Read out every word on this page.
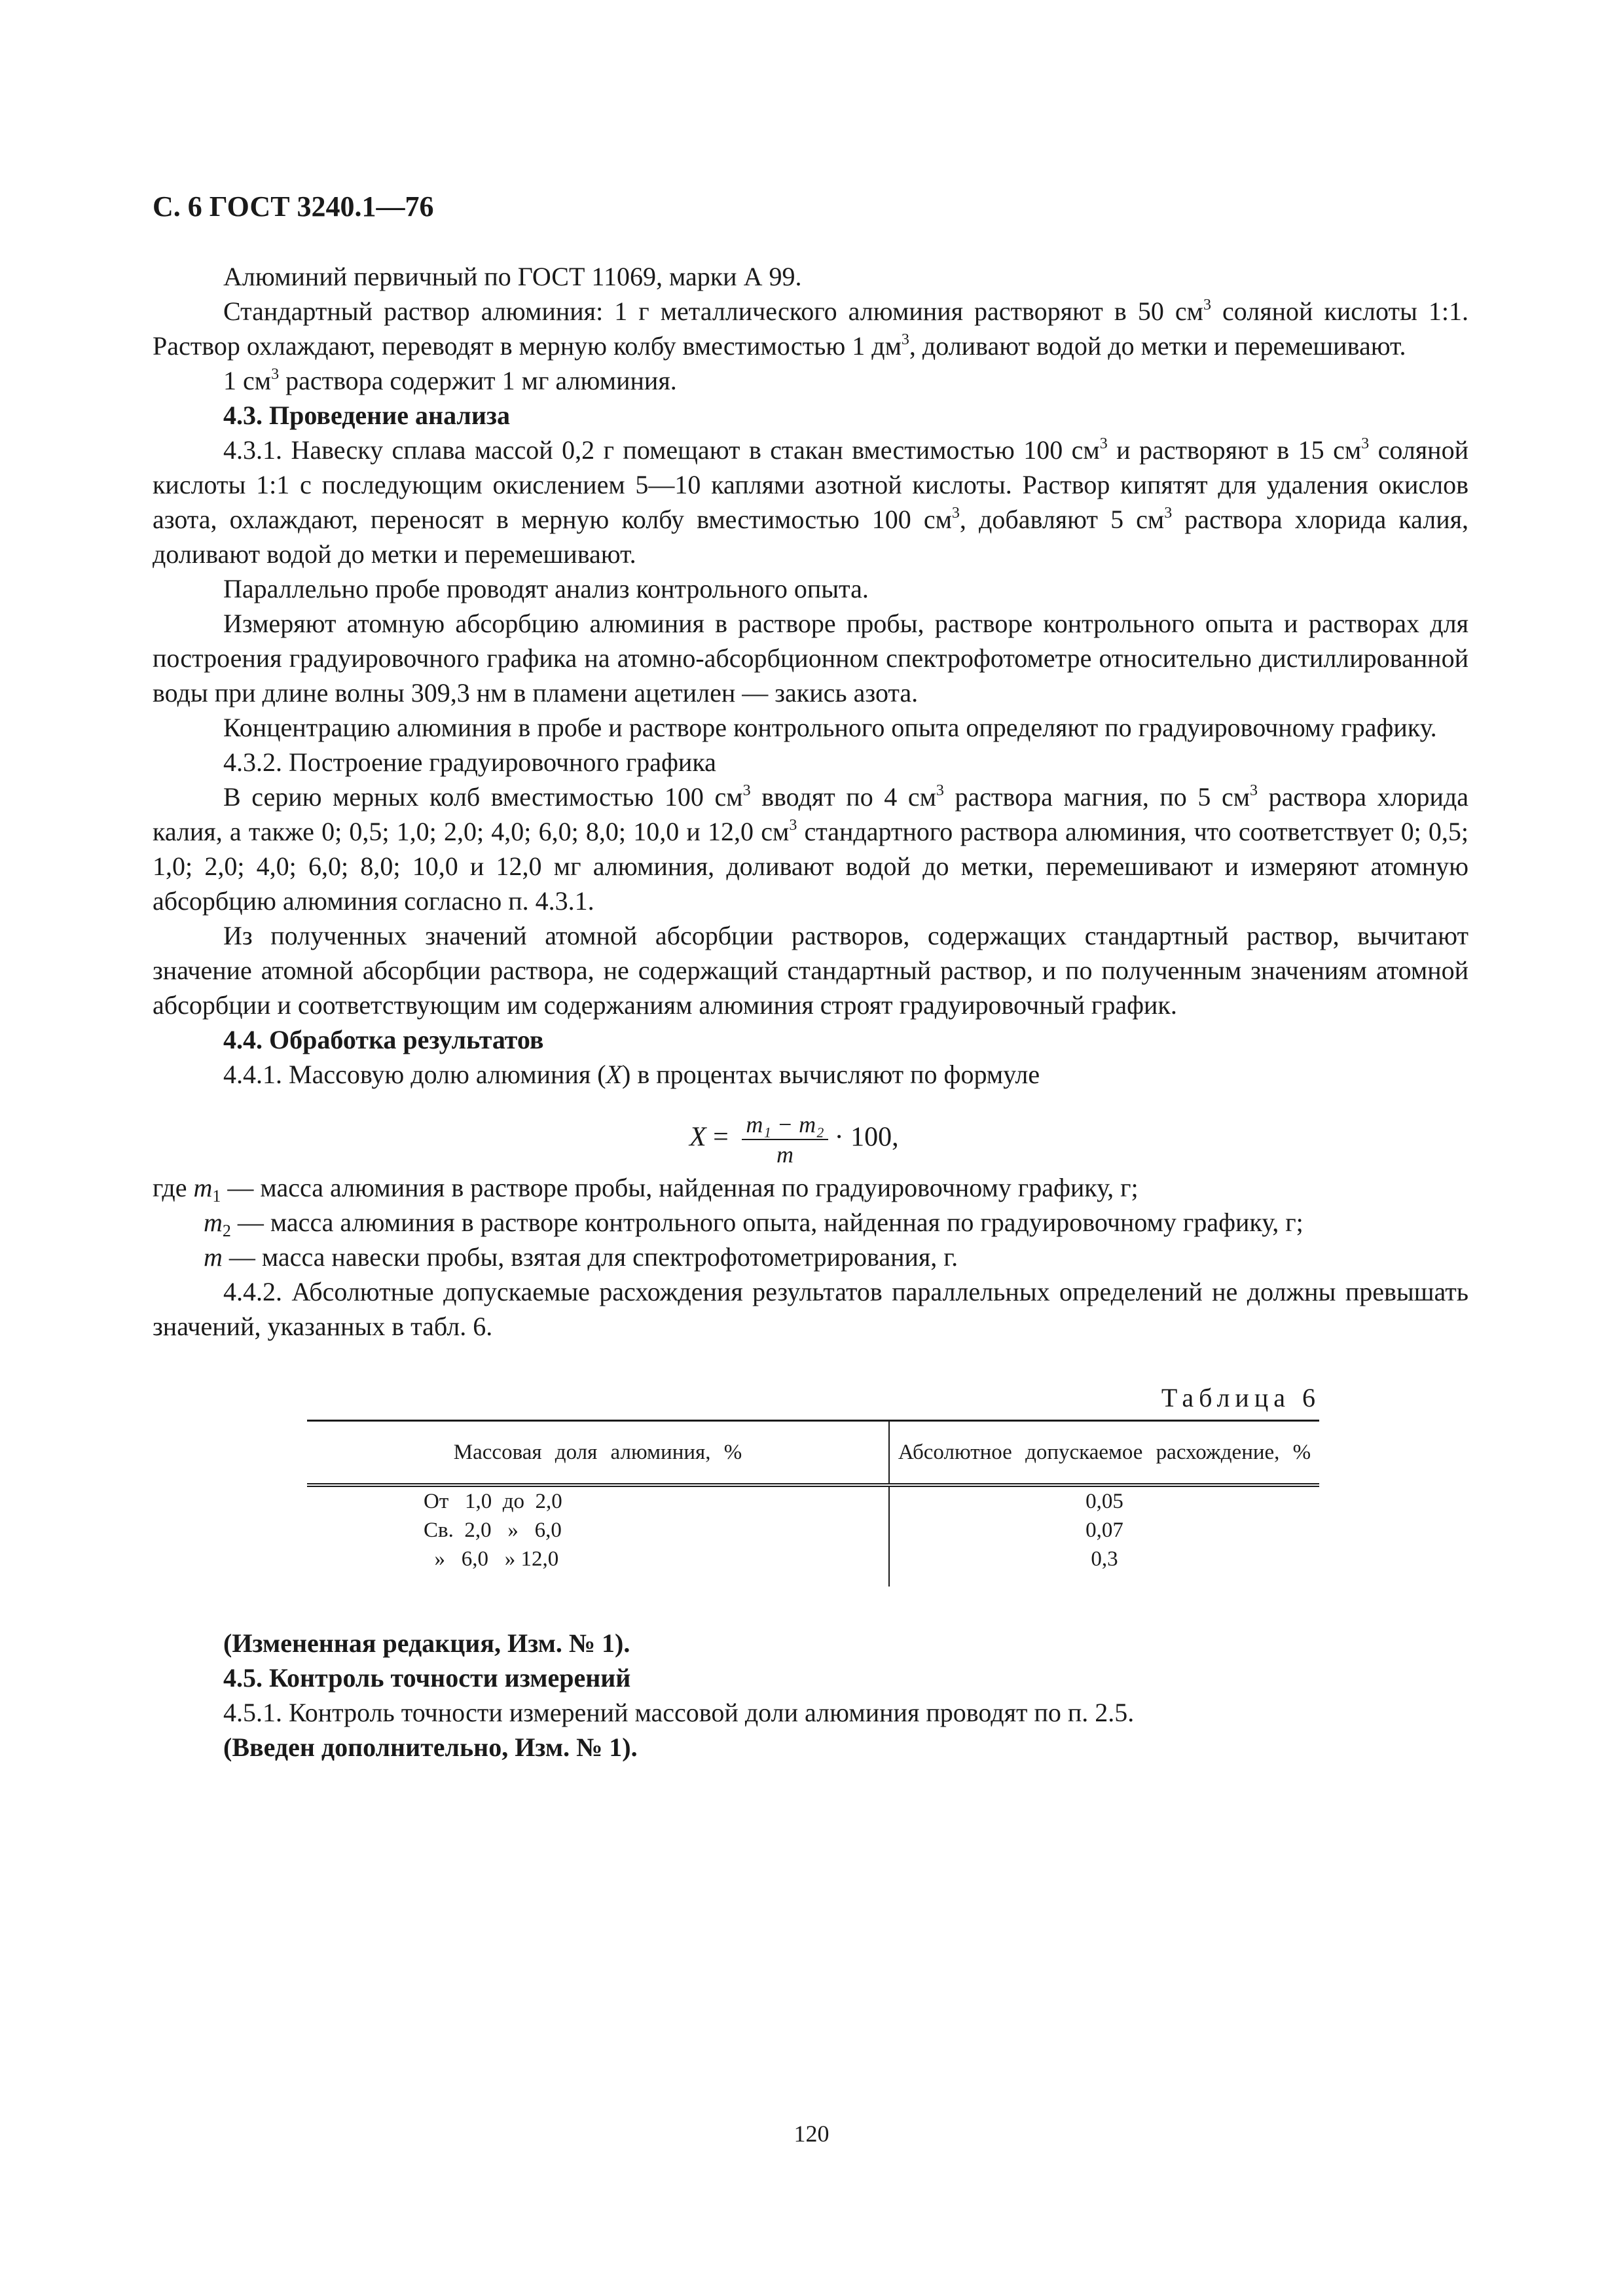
С. 6 ГОСТ 3240.1—76

Алюминий первичный по ГОСТ 11069, марки А 99.

Стандартный раствор алюминия: 1 г металлического алюминия растворяют в 50 $см^3$ соляной кислоты 1:1. Раствор охлаждают, переводят в мерную колбу вместимостью 1 $дм^3$, доливают водой до метки и перемешивают.

1 $см^3$ раствора содержит 1 мг алюминия.

4.3. Проведение анализа

4.3.1. Навеску сплава массой 0,2 г помещают в стакан вместимостью 100 $см^3$ и растворяют в 15 $см^3$ соляной кислоты 1:1 с последующим окислением 5—10 каплями азотной кислоты. Раствор кипятят для удаления окислов азота, охлаждают, переносят в мерную колбу вместимостью 100 $см^3$, добавляют 5 $см^3$ раствора хлорида калия, доливают водой до метки и перемешивают.

Параллельно пробе проводят анализ контрольного опыта.

Измеряют атомную абсорбцию алюминия в растворе пробы, растворе контрольного опыта и растворах для построения градуировочного графика на атомно-абсорбционном спектрофотометре относительно дистиллированной воды при длине волны 309,3 нм в пламени ацетилен — закись азота.

Концентрацию алюминия в пробе и растворе контрольного опыта определяют по градуировочному графику.

4.3.2. Построение градуировочного графика

В серию мерных колб вместимостью 100 $см^3$ вводят по 4 $см^3$ раствора магния, по 5 $см^3$ раствора хлорида калия, а также 0; 0,5; 1,0; 2,0; 4,0; 6,0; 8,0; 10,0 и 12,0 $см^3$ стандартного раствора алюминия, что соответствует 0; 0,5; 1,0; 2,0; 4,0; 6,0; 8,0; 10,0 и 12,0 мг алюминия, доливают водой до метки, перемешивают и измеряют атомную абсорбцию алюминия согласно п. 4.3.1.

Из полученных значений атомной абсорбции растворов, содержащих стандартный раствор, вычитают значение атомной абсорбции раствора, не содержащий стандартный раствор, и по полученным значениям атомной абсорбции и соответствующим им содержаниям алюминия строят градуировочный график.

4.4. Обработка результатов

4.4.1. Массовую долю алюминия (X) в процентах вычисляют по формуле

$X = \frac{\text{m₁ − m₂}}{m} \cdot 100$,
где $m_1$ — масса алюминия в растворе пробы, найденная по градуировочному графику, г;
$m_2$ — масса алюминия в растворе контрольного опыта, найденная по градуировочному графику, г;
m — масса навески пробы, взятая для спектрофотометрирования, г.

4.4.2. Абсолютные допускаемые расхождения результатов параллельных определений не должны превышать значений, указанных в табл. 6.

Таблица 6
Массовая доля алюминия, %	Абсолютное допускаемое расхождение, %
От   1,0  до  2,0	0,05
Св.  2,0   »   6,0	0,07
»   6,0   » 12,0	0,3

(Измененная редакция, Изм. № 1).

4.5. Контроль точности измерений

4.5.1. Контроль точности измерений массовой доли алюминия проводят по п. 2.5.

(Введен дополнительно, Изм. № 1).

120
